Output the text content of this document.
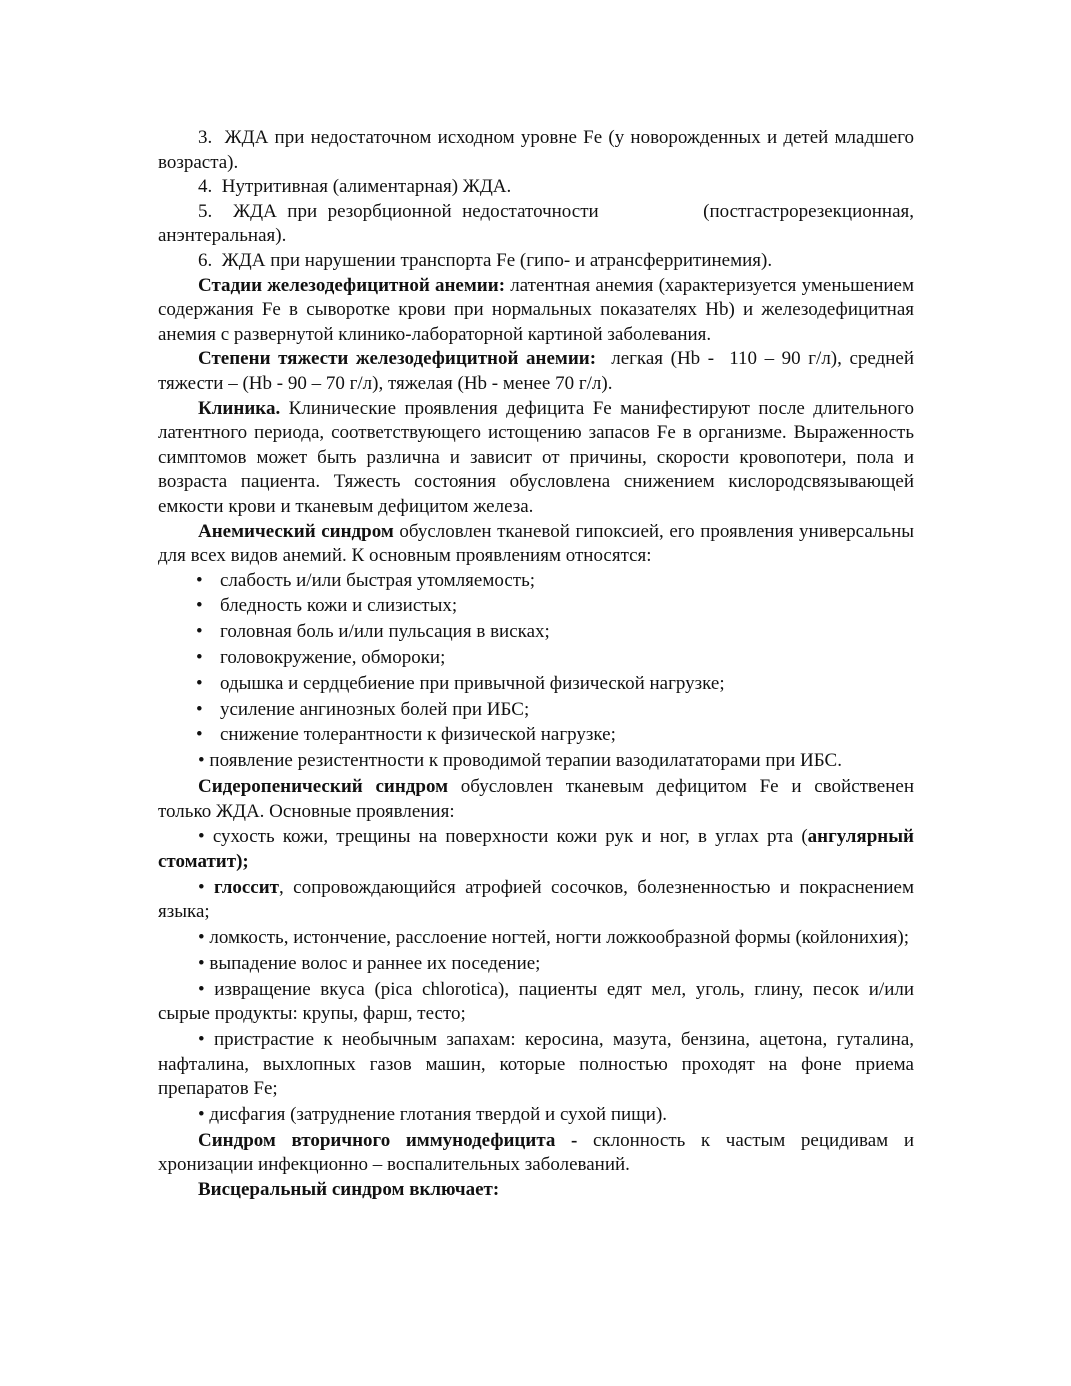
3. ЖДА при недостаточном исходном уровне Fe (у новорожденных и детей младшего возраста).

4. Нутритивная (алиментарная) ЖДА.

5. ЖДА при резорбционной недостаточности          (постгастрорезекционная, анэнтеральная).

6. ЖДА при нарушении транспорта Fe (гипо- и атрансферритинемия).

Стадии железодефицитной анемии: латентная анемия (характеризуется уменьшением содержания Fe в сыворотке крови при нормальных показателях Hb) и железодефицитная анемия с развернутой клинико-лабораторной картиной заболевания.

Степени тяжести железодефицитной анемии:  легкая (Hb -  110 – 90 г/л), средней тяжести – (Hb - 90 – 70 г/л), тяжелая (Hb - менее 70 г/л).

Клиника. Клинические проявления дефицита Fe манифестируют после длительного латентного периода, соответствующего истощению запасов Fe в организме. Выраженность симптомов может быть различна и зависит от причины, скорости кровопотери, пола и возраста пациента. Тяжесть состояния обусловлена снижением кислородсвязывающей емкости крови и тканевым дефицитом железа.

Анемический синдром обусловлен тканевой гипоксией, его проявления универсальны для всех видов анемий. К основным проявлениям относятся:

• слабость и/или быстрая утомляемость;
• бледность кожи и слизистых;
• головная боль и/или пульсация в висках;
• головокружение, обмороки;
• одышка и сердцебиение при привычной физической нагрузке;
• усиление ангинозных болей при ИБС;
• снижение толерантности к физической нагрузке;

• появление резистентности к проводимой терапии вазодилататорами при ИБС.

Сидеропенический синдром обусловлен тканевым дефицитом Fe и свойственен только ЖДА. Основные проявления:

• сухость кожи, трещины на поверхности кожи рук и ног, в углах рта (ангулярный стоматит);

• глоссит, сопровождающийся атрофией сосочков, болезненностью и покраснением языка;

• ломкость, истончение, расслоение ногтей, ногти ложкообразной формы (койлонихия);

• выпадение волос и раннее их поседение;

• извращение вкуса (pica chlorotica), пациенты едят мел, уголь, глину, песок и/или сырые продукты: крупы, фарш, тесто;

• пристрастие к необычным запахам: керосина, мазута, бензина, ацетона, гуталина, нафталина, выхлопных газов машин, которые полностью проходят на фоне приема препаратов Fe;

• дисфагия (затруднение глотания твердой и сухой пищи).

Синдром вторичного иммунодефицита - склонность к частым рецидивам и хронизации инфекционно – воспалительных заболеваний.

Висцеральный синдром включает:
